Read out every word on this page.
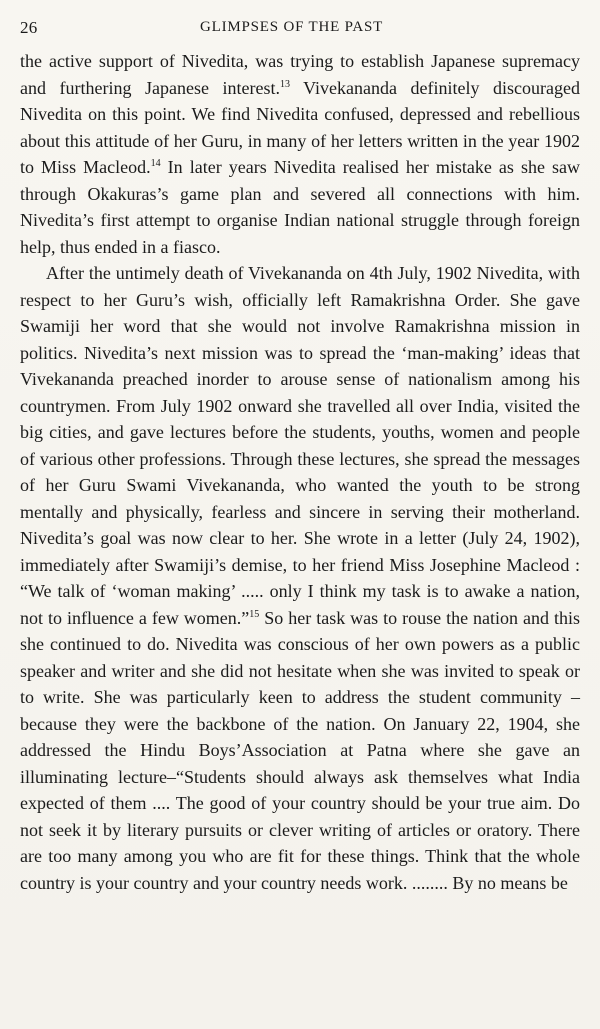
26	GLIMPSES OF THE PAST

the active support of Nivedita, was trying to establish Japanese supremacy and furthering Japanese interest.$^{13}$ Vivekananda definitely discouraged Nivedita on this point. We find Nivedita confused, depressed and rebellious about this attitude of her Guru, in many of her letters written in the year 1902 to Miss Macleod.$^{14}$ In later years Nivedita realised her mistake as she saw through Okakuras’s game plan and severed all connections with him. Nivedita’s first attempt to organise Indian national struggle through foreign help, thus ended in a fiasco.

After the untimely death of Vivekananda on 4th July, 1902 Nivedita, with respect to her Guru’s wish, officially left Ramakrishna Order. She gave Swamiji her word that she would not involve Ramakrishna mission in politics. Nivedita’s next mission was to spread the ‘man-making’ ideas that Vivekananda preached inorder to arouse sense of nationalism among his countrymen. From July 1902 onward she travelled all over India, visited the big cities, and gave lectures before the students, youths, women and people of various other professions. Through these lectures, she spread the messages of her Guru Swami Vivekananda, who wanted the youth to be strong mentally and physically, fearless and sincere in serving their motherland. Nivedita’s goal was now clear to her. She wrote in a letter (July 24, 1902), immediately after Swamiji’s demise, to her friend Miss Josephine Macleod : “We talk of ‘woman making’ ..... only I think my task is to awake a nation, not to influence a few women.”$^{15}$ So her task was to rouse the nation and this she continued to do. Nivedita was conscious of her own powers as a public speaker and writer and she did not hesitate when she was invited to speak or to write. She was particularly keen to address the student community – because they were the backbone of the nation. On January 22, 1904, she addressed the Hindu Boys’Association at Patna where she gave an illuminating lecture–“Students should always ask themselves what India expected of them .... The good of your country should be your true aim. Do not seek it by literary pursuits or clever writing of articles or oratory. There are too many among you who are fit for these things. Think that the whole country is your country and your country needs work. ........ By no means be
